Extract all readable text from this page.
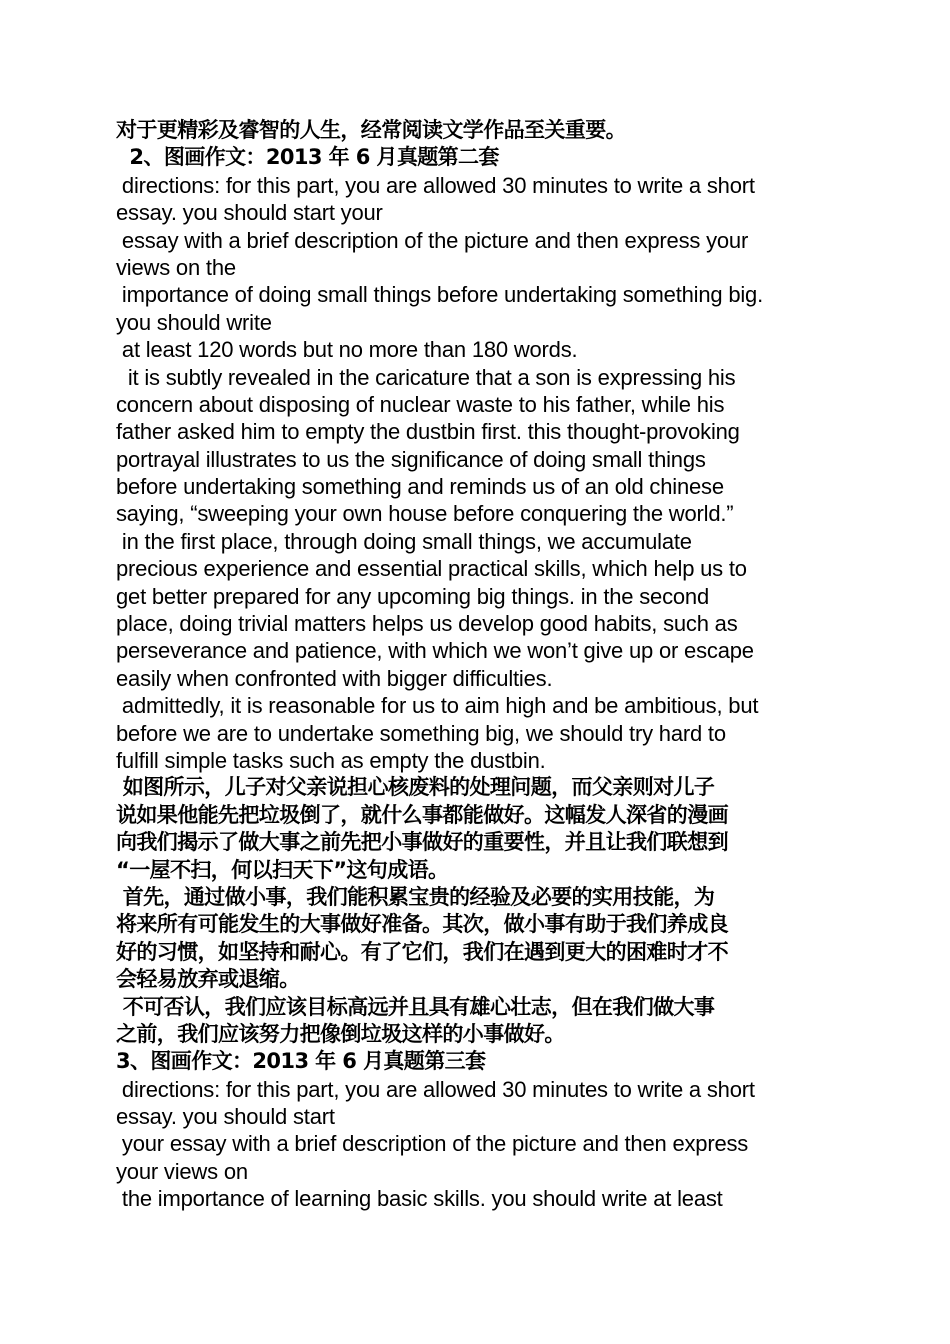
对于更精彩及睿智的人生，经常阅读文学作品至关重要。
2、图画作文：2013 年 6 月真题第二套
directions: for this part, you are allowed 30 minutes to write a short
essay. you should start your
essay with a brief description of the picture and then express your
views on the
importance of doing small things before undertaking something big.
you should write
at least 120 words but no more than 180 words.
it is subtly revealed in the caricature that a son is expressing his
concern about disposing of nuclear waste to his father, while his
father asked him to empty the dustbin first. this thought-provoking
portrayal illustrates to us the significance of doing small things
before undertaking something and reminds us of an old chinese
saying, “sweeping your own house before conquering the world.”
in the first place, through doing small things, we accumulate
precious experience and essential practical skills, which help us to
get better prepared for any upcoming big things. in the second
place, doing trivial matters helps us develop good habits, such as
perseverance and patience, with which we won’t give up or escape
easily when confronted with bigger difficulties.
admittedly, it is reasonable for us to aim high and be ambitious, but
before we are to undertake something big, we should try hard to
fulfill simple tasks such as empty the dustbin.
如图所示，儿子对父亲说担心核废料的处理问题，而父亲则对儿子
说如果他能先把垃圾倒了，就什么事都能做好。这幅发人深省的漫画
向我们揭示了做大事之前先把小事做好的重要性，并且让我们联想到
“一屋不扫，何以扫天下”这句成语。
首先，通过做小事，我们能积累宝贵的经验及必要的实用技能，为
将来所有可能发生的大事做好准备。其次，做小事有助于我们养成良
好的习惯，如坚持和耐心。有了它们，我们在遇到更大的困难时才不
会轻易放弃或退缩。
不可否认，我们应该目标高远并且具有雄心壮志，但在我们做大事
之前，我们应该努力把像倒垃圾这样的小事做好。
3、图画作文：2013 年 6 月真题第三套
directions: for this part, you are allowed 30 minutes to write a short
essay. you should start
your essay with a brief description of the picture and then express
your views on
the importance of learning basic skills. you should write at least
